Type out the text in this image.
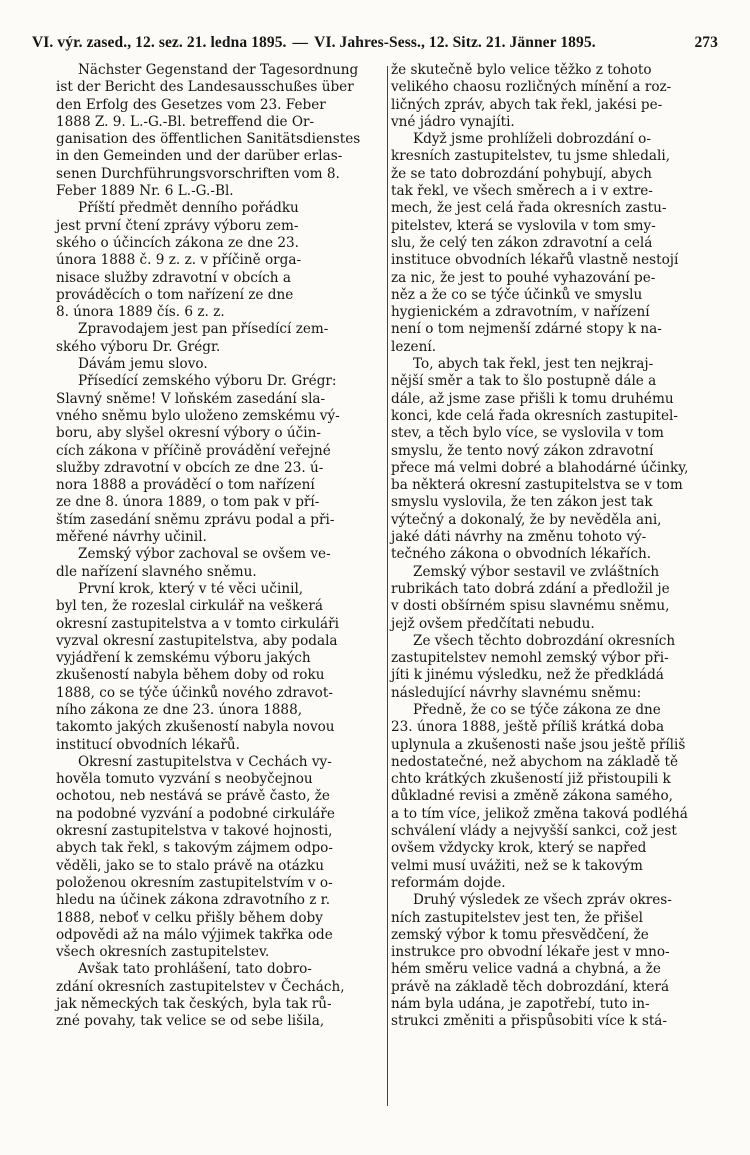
VI. výr. zased., 12. sez. 21. ledna 1895. — VI. Jahres-Sess., 12. Sitz. 21. Jänner 1895.	273

Nächster Gegenstand der Tagesordnung
ist der Bericht des Landesausschußes über
den Erfolg des Gesetzes vom 23. Feber
1888 Z. 9. L.-G.-Bl. betreffend die Or-
ganisation des öffentlichen Sanitätsdienstes
in den Gemeinden und der darüber erlas-
senen Durchführungsvorschriften vom 8.
Feber 1889 Nr. 6 L.-G.-Bl.

Příští předmět denního pořádku
jest první čtení zprávy výboru zem-
ského o účincích zákona ze dne 23.
února 1888 č. 9 z. z. v příčině orga-
nisace služby zdravotní v obcích a
prováděcích o tom nařízení ze dne
8. února 1889 čís. 6 z. z.

Zpravodajem jest pan přísedící zem-
ského výboru Dr. Grégr.

Dávám jemu slovo.

Přísedící zemského výboru Dr. Grégr:
Slavný sněme! V loňském zasedání sla-
vného sněmu bylo uloženo zemskému vý-
boru, aby slyšel okresní výbory o účin-
cích zákona v příčině provádění veřejné
služby zdravotní v obcích ze dne 23. ú-
nora 1888 a prováděcí o tom nařízení
ze dne 8. února 1889, o tom pak v pří-
štím zasedání sněmu zprávu podal a při-
měřené návrhy učinil.

Zemský výbor zachoval se ovšem ve-
dle nařízení slavného sněmu.

První krok, který v té věci učinil,
byl ten, že rozeslal cirkulář na veškerá
okresní zastupitelstva a v tomto cirkuláři
vyzval okresní zastupitelstva, aby podala
vyjádření k zemskému výboru jakých
zkušeností nabyla během doby od roku
1888, co se týče účinků nového zdravot-
ního zákona ze dne 23. února 1888,
takomto jakých zkušeností nabyla novou
institucí obvodních lékařů.

Okresní zastupitelstva v Cechách vy-
hověla tomuto vyzvání s neobyčejnou
ochotou, neb nestává se právě často, že
na podobné vyzvání a podobné cirkuláře
okresní zastupitelstva v takové hojnosti,
abych tak řekl, s takovým zájmem odpo-
věděli, jako se to stalo právě na otázku
položenou okresním zastupitelstvím v o-
hledu na účinek zákona zdravotního z r.
1888, neboť v celku přišly během doby
odpovědi až na málo výjimek takřka ode
všech okresních zastupitelstev.

Avšak tato prohlášení, tato dobro-
zdání okresních zastupitelstev v Čechách,
jak německých tak českých, byla tak rů-
zné povahy, tak velice se od sebe lišila,

že skutečně bylo velice těžko z tohoto
velikého chaosu rozličných mínění a roz-
ličných zpráv, abych tak řekl, jakési pe-
vné jádro vynajíti.

Když jsme prohlíželi dobrozdání o-
kresních zastupitelstev, tu jsme shledali,
že se tato dobrozdání pohybují, abych
tak řekl, ve všech směrech a i v extre-
mech, že jest celá řada okresních zastu-
pitelstev, která se vyslovila v tom smy-
slu, že celý ten zákon zdravotní a celá
instituce obvodních lékařů vlastně nestojí
za nic, že jest to pouhé vyhazování pe-
něz a že co se týče účinků ve smyslu
hygienickém a zdravotním, v nařízení
není o tom nejmenší zdárné stopy k na-
lezení.

To, abych tak řekl, jest ten nejkraj-
nější směr a tak to šlo postupně dále a
dále, až jsme zase přišli k tomu druhému
konci, kde celá řada okresních zastupitel-
stev, a těch bylo více, se vyslovila v tom
smyslu, že tento nový zákon zdravotní
přece má velmi dobré a blahodárné účinky,
ba některá okresní zastupitelstva se v tom
smyslu vyslovila, že ten zákon jest tak
výtečný a dokonalý, že by nevěděla ani,
jaké dáti návrhy na změnu tohoto vý-
tečného zákona o obvodních lékařích.

Zemský výbor sestavil ve zvláštních
rubrikách tato dobrá zdání a předložil je
v dosti obšírném spisu slavnému sněmu,
jejž ovšem předčítati nebudu.

Ze všech těchto dobrozdání okresních
zastupitelstev nemohl zemský výbor při-
jíti k jinému výsledku, než že předkládá
následující návrhy slavnému sněmu:

Předně, že co se týče zákona ze dne
23. února 1888, ještě příliš krátká doba
uplynula a zkušenosti naše jsou ještě příliš
nedostatečné, než abychom na základě tě
chto krátkých zkušeností již přistoupili k
důkladné revisi a změně zákona samého,
a to tím více, jelikož změna taková podléhá
schválení vlády a nejvyšší sankci, což jest
ovšem vždycky krok, který se napřed
velmi musí uvážiti, než se k takovým
reformám dojde.

Druhý výsledek ze všech zpráv okres-
ních zastupitelstev jest ten, že přišel
zemský výbor k tomu přesvědčení, že
instrukce pro obvodní lékaře jest v mno-
hém směru velice vadná a chybná, a že
právě na základě těch dobrozdání, která
nám byla udána, je zapotřebí, tuto in-
strukci změniti a přispůsobiti více k stá-
